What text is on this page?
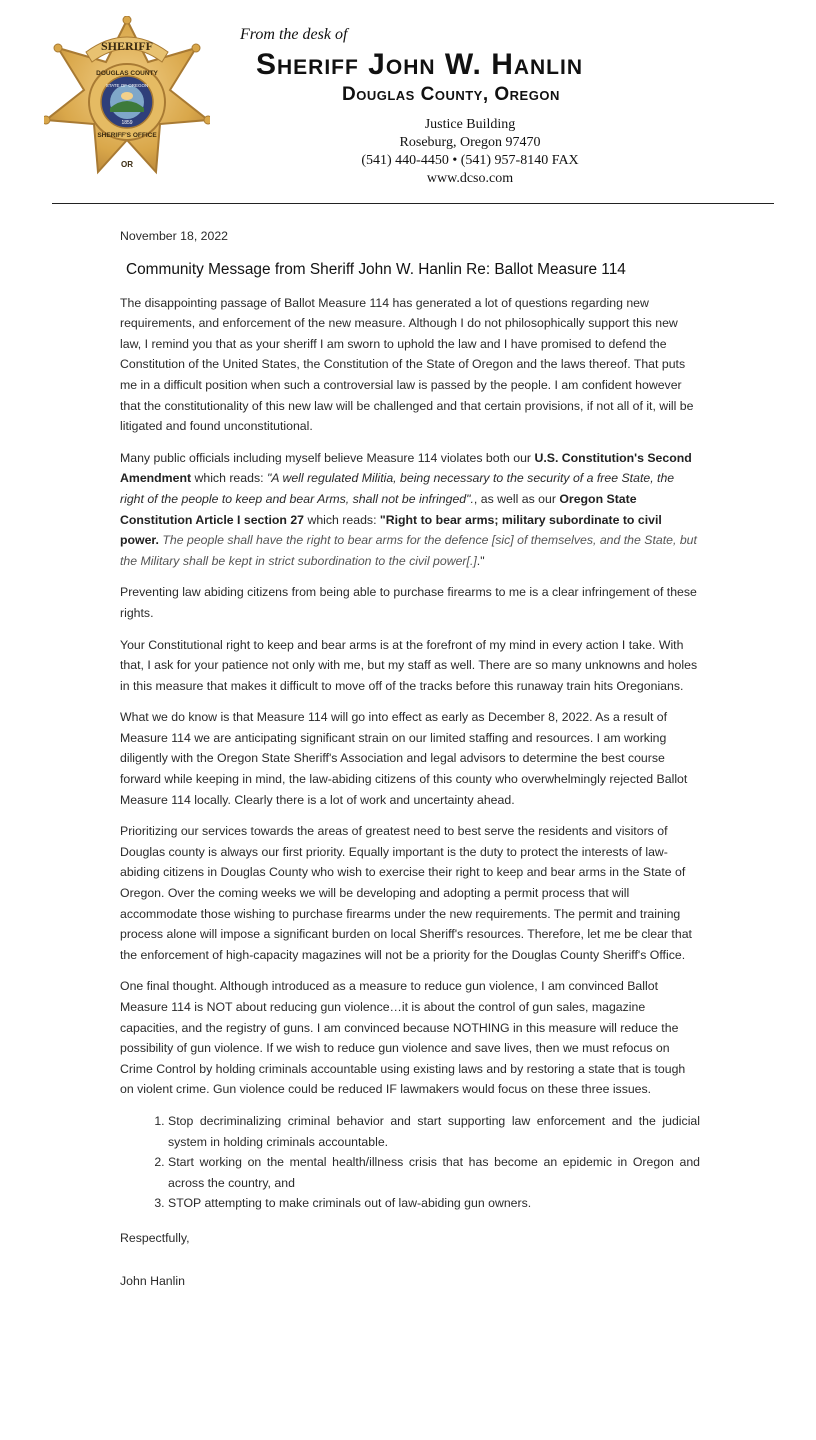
SHERIFF
DOUGLAS COUNTY
STATE OF OREGON
1859
SHERIFF'S OFFICE
OR
From the desk of
Sheriff John W. Hanlin
Douglas County, Oregon
Justice Building
Roseburg, Oregon 97470
(541) 440-4450 • (541) 957-8140 FAX
www.dcso.com
November 18, 2022
Community Message from Sheriff John W. Hanlin Re: Ballot Measure 114

The disappointing passage of Ballot Measure 114 has generated a lot of questions regarding new requirements, and enforcement of the new measure. Although I do not philosophically support this new law, I remind you that as your sheriff I am sworn to uphold the law and I have promised to defend the Constitution of the United States, the Constitution of the State of Oregon and the laws thereof. That puts me in a difficult position when such a controversial law is passed by the people. I am confident however that the constitutionality of this new law will be challenged and that certain provisions, if not all of it, will be litigated and found unconstitutional.

Many public officials including myself believe Measure 114 violates both our U.S. Constitution's Second Amendment which reads: "A well regulated Militia, being necessary to the security of a free State, the right of the people to keep and bear Arms, shall not be infringed"., as well as our Oregon State Constitution Article I section 27 which reads: "Right to bear arms; military subordinate to civil power. The people shall have the right to bear arms for the defence [sic] of themselves, and the State, but the Military shall be kept in strict subordination to the civil power[.]."

Preventing law abiding citizens from being able to purchase firearms to me is a clear infringement of these rights.

Your Constitutional right to keep and bear arms is at the forefront of my mind in every action I take. With that, I ask for your patience not only with me, but my staff as well. There are so many unknowns and holes in this measure that makes it difficult to move off of the tracks before this runaway train hits Oregonians.

What we do know is that Measure 114 will go into effect as early as December 8, 2022. As a result of Measure 114 we are anticipating significant strain on our limited staffing and resources. I am working diligently with the Oregon State Sheriff's Association and legal advisors to determine the best course forward while keeping in mind, the law-abiding citizens of this county who overwhelmingly rejected Ballot Measure 114 locally. Clearly there is a lot of work and uncertainty ahead.

Prioritizing our services towards the areas of greatest need to best serve the residents and visitors of Douglas county is always our first priority. Equally important is the duty to protect the interests of law-abiding citizens in Douglas County who wish to exercise their right to keep and bear arms in the State of Oregon. Over the coming weeks we will be developing and adopting a permit process that will accommodate those wishing to purchase firearms under the new requirements. The permit and training process alone will impose a significant burden on local Sheriff's resources. Therefore, let me be clear that the enforcement of high-capacity magazines will not be a priority for the Douglas County Sheriff's Office.

One final thought. Although introduced as a measure to reduce gun violence, I am convinced Ballot Measure 114 is NOT about reducing gun violence…it is about the control of gun sales, magazine capacities, and the registry of guns. I am convinced because NOTHING in this measure will reduce the possibility of gun violence. If we wish to reduce gun violence and save lives, then we must refocus on Crime Control by holding criminals accountable using existing laws and by restoring a state that is tough on violent crime. Gun violence could be reduced IF lawmakers would focus on these three issues.

1. Stop decriminalizing criminal behavior and start supporting law enforcement and the judicial system in holding criminals accountable.
2. Start working on the mental health/illness crisis that has become an epidemic in Oregon and across the country, and
3. STOP attempting to make criminals out of law-abiding gun owners.

Respectfully,

John Hanlin
